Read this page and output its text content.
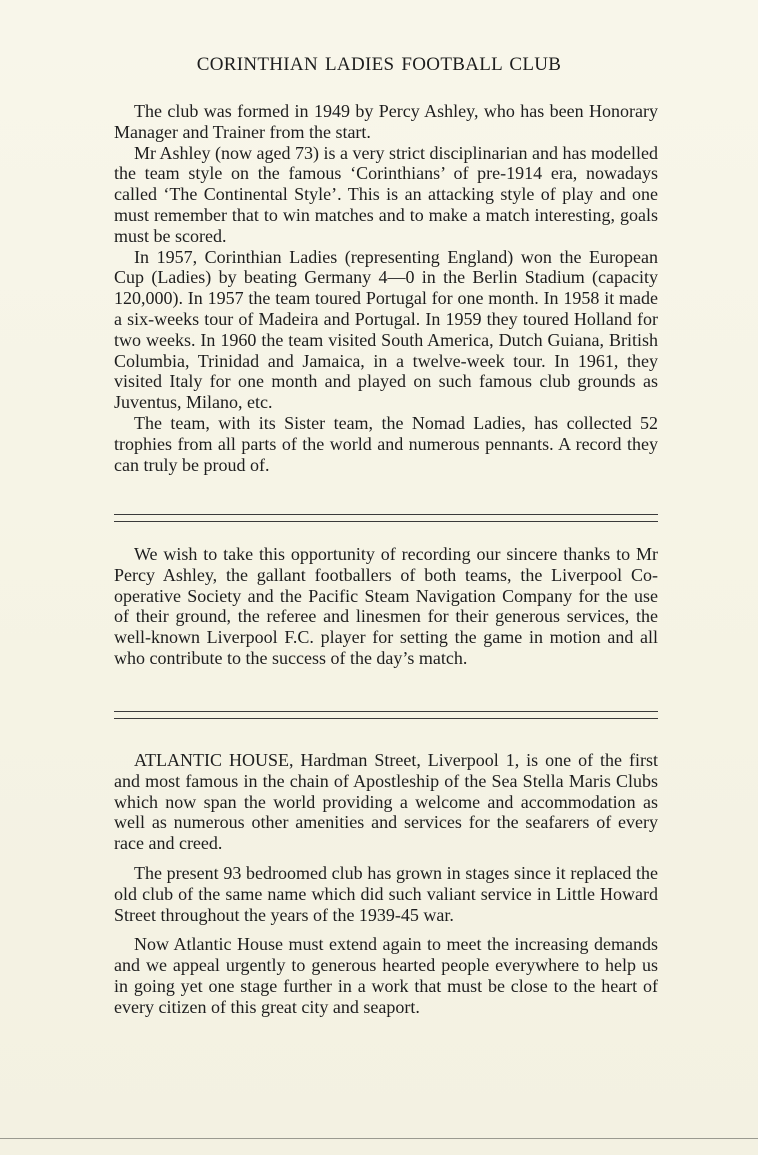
CORINTHIAN LADIES FOOTBALL CLUB

The club was formed in 1949 by Percy Ashley, who has been Honorary Manager and Trainer from the start.

Mr Ashley (now aged 73) is a very strict disciplinarian and has modelled the team style on the famous ‘Corinthians’ of pre-1914 era, nowadays called ‘The Continental Style’. This is an attacking style of play and one must remember that to win matches and to make a match interesting, goals must be scored.

In 1957, Corinthian Ladies (representing England) won the European Cup (Ladies) by beating Germany 4—0 in the Berlin Stadium (capacity 120,000). In 1957 the team toured Portugal for one month. In 1958 it made a six-weeks tour of Madeira and Portugal. In 1959 they toured Holland for two weeks. In 1960 the team visited South America, Dutch Guiana, British Columbia, Trinidad and Jamaica, in a twelve-week tour. In 1961, they visited Italy for one month and played on such famous club grounds as Juventus, Milano, etc.

The team, with its Sister team, the Nomad Ladies, has collected 52 trophies from all parts of the world and numerous pennants. A record they can truly be proud of.

We wish to take this opportunity of recording our sincere thanks to Mr Percy Ashley, the gallant footballers of both teams, the Liverpool Co-operative Society and the Pacific Steam Navigation Company for the use of their ground, the referee and linesmen for their generous services, the well-known Liverpool F.C. player for setting the game in motion and all who contribute to the success of the day’s match.

ATLANTIC HOUSE, Hardman Street, Liverpool 1, is one of the first and most famous in the chain of Apostleship of the Sea Stella Maris Clubs which now span the world providing a welcome and accommodation as well as numerous other amenities and services for the seafarers of every race and creed.

The present 93 bedroomed club has grown in stages since it replaced the old club of the same name which did such valiant service in Little Howard Street throughout the years of the 1939-45 war.

Now Atlantic House must extend again to meet the increasing demands and we appeal urgently to generous hearted people everywhere to help us in going yet one stage further in a work that must be close to the heart of every citizen of this great city and seaport.
